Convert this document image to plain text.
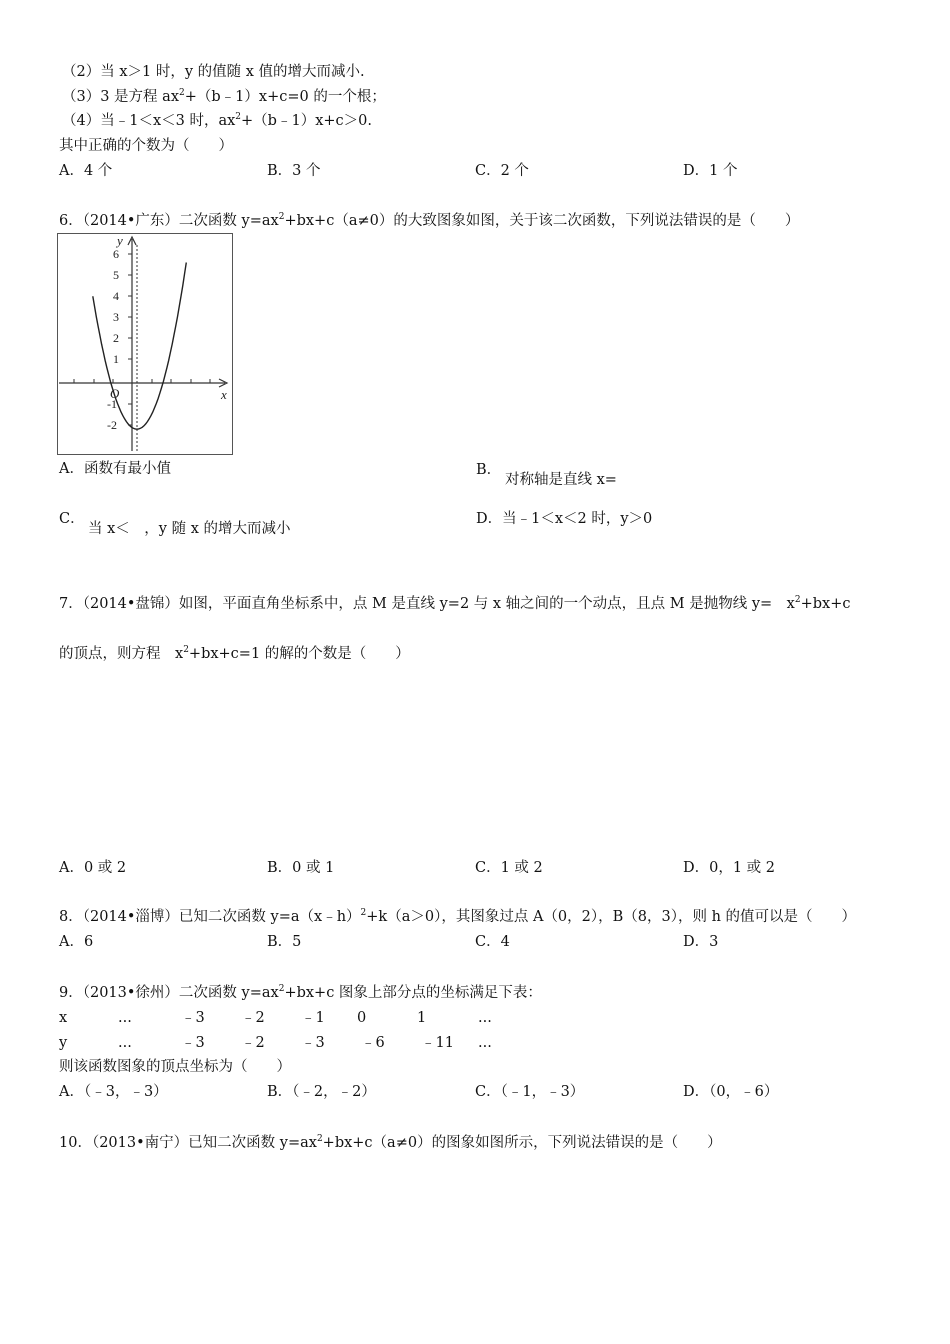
（2）当 x＞1 时，y 的值随 x 值的增大而减小.
（3）3 是方程 $ax^2+(b﹣1)x+c=0$ 的一个根；
（4）当﹣1＜x＜3 时，$ax^2+(b﹣1)x+c>0$.
其中正确的个数为（　　）
A．4 个	B．3 个	C．2 个	D．1 个
6．（2014•广东）二次函数 $y=ax^2+bx+c(a\ne 0)$的大致图象如图，关于该二次函数，下列说法错误的是（　　）
6
5
4
3
2
1
-1
-2
y
x
O
A．函数有最小值	B．
对称轴是直线 x=
C．
当 x＜　，y 随 x 的增大而减小
D．当﹣1＜x＜2 时，y＞0
7．（2014•盘锦）如图，平面直角坐标系中，点 M 是直线 y=2 与 x 轴之间的一个动点，且点 M 是抛物线 y=　$x^2+bx+c$
的顶点，则方程　$x^2+bx+c=1$ 的解的个数是（　　）
A．0 或 2	B．0 或 1	C．1 或 2	D．0，1 或 2
8．（2014•淄博）已知二次函数 y=a（x﹣h）$^2$+k（a＞0），其图象过点 A（0，2），B（8，3），则 h 的值可以是（　　）
A．6	B．5	C．4	D．3
9．（2013•徐州）二次函数 $y=ax^2+bx+c$ 图象上部分点的坐标满足下表：
x	...	﹣3	﹣2	﹣1 0	1	...
y	...	﹣3	﹣2	﹣3	﹣6	﹣11 ...
则该函数图象的顶点坐标为（　　）
A．（﹣3，﹣3）	B．（﹣2，﹣2）	C．（﹣1，﹣3）	D．（0，﹣6）
10．（2013•南宁）已知二次函数 $y=ax^2+bx+c(a\ne 0)$的图象如图所示，下列说法错误的是（　　）
